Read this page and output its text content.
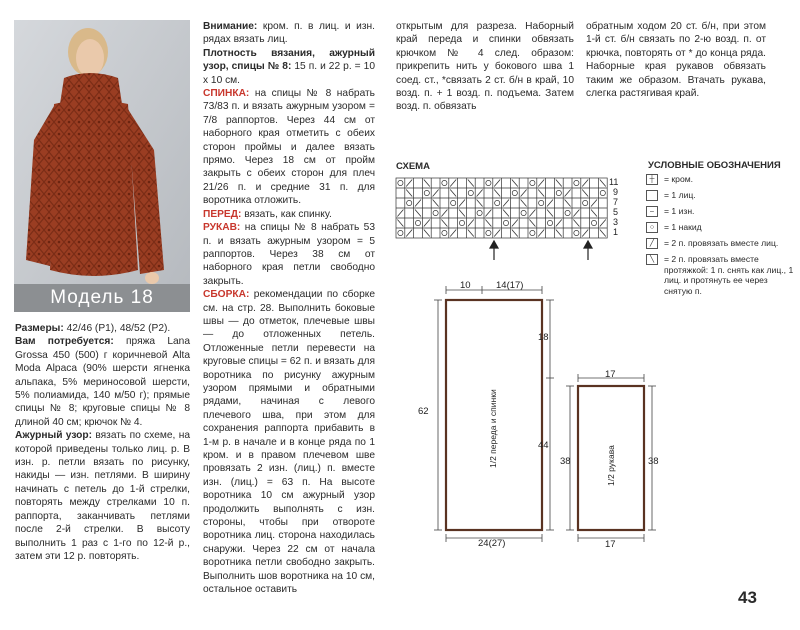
Модель 18

Размеры: 42/46 (P1), 48/52 (P2).

Вам потребуется: пряжа Lana Grossa 450 (500) г коричневой Alta Moda Alpaca (90% шерсти ягненка альпака, 5% мериносовой шерсти, 5% полиамида, 140 м/50 г); прямые спицы № 8; круговые спицы № 8 длиной 40 см; крючок № 4.

Ажурный узор: вязать по схеме, на которой приведены только лиц. р. В изн. р. петли вязать по рисунку, накиды — изн. петлями. В ширину начинать с петель до 1-й стрелки, повторять между стрелками 10 п. раппорта, заканчивать петлями после 2-й стрелки. В высоту выполнить 1 раз с 1-го по 12-й р., затем эти 12 р. повторять.

Внимание: кром. п. в лиц. и изн. рядах вязать лиц.

Плотность вязания, ажурный узор, спицы № 8: 15 п. и 22 р. = 10 х 10 см.

СПИНКА: на спицы № 8 набрать 73/83 п. и вязать ажурным узором = 7/8 раппортов. Через 44 см от наборного края отметить с обеих сторон проймы и далее вязать прямо. Через 18 см от пройм закрыть с обеих сторон для плеч 21/26 п. и средние 31 п. для воротника отложить.

ПЕРЕД: вязать, как спинку.

РУКАВ: на спицы № 8 набрать 53 п. и вязать ажурным узором = 5 раппортов. Через 38 см от наборного края петли свободно закрыть.

СБОРКА: рекомендации по сборке см. на стр. 28. Выполнить боковые швы — до отметок, плечевые швы — до отложенных петель. Отложенные петли перевести на круговые спицы = 62 п. и вязать для воротника по рисунку ажурным узором прямыми и обратными рядами, начиная с левого плечевого шва, при этом для сохранения раппорта прибавить в 1-м р. в начале и в конце ряда по 1 кром. и в правом плечевом шве провязать 2 изн. (лиц.) п. вместе изн. (лиц.) = 63 п. На высоте воротника 10 см ажурный узор продолжить выполнять с изн. стороны, чтобы при отвороте воротника лиц. сторона находилась снаружи. Через 22 см от начала воротника петли свободно закрыть. Выполнить шов воротника на 10 см, остальное оставить

открытым для разреза. Наборный край переда и спинки обвязать крючком № 4 след. образом: прикрепить нить у бокового шва 1 соед. ст., *связать 2 ст. б/н в край, 10 возд. п. + 1 возд. п. подъема. Затем возд. п. обвязать

обратным ходом 20 ст. б/н, при этом 1-й ст. б/н связать по 2-ю возд. п. от крючка, повторять от * до конца ряда. Наборные края рукавов обвязать таким же образом. Втачать рукава, слегка растягивая край.

СХЕМА
11
9
7
5
3
1
УСЛОВНЫЕ ОБОЗНАЧЕНИЯ
┼	= кром.
= 1 лиц.
–	= 1 изн.
○	= 1 накид
╱	= 2 п. провязать вместе лиц.
╲	= 2 п. провязать вместе протяжкой: 1 п. снять как лиц., 1 лиц. и протянуть ее через снятую п.
10	14(17)
18
62
44
24(27)
1/2 переда и спинки
17
38	38
17
1/2 рукава
43
